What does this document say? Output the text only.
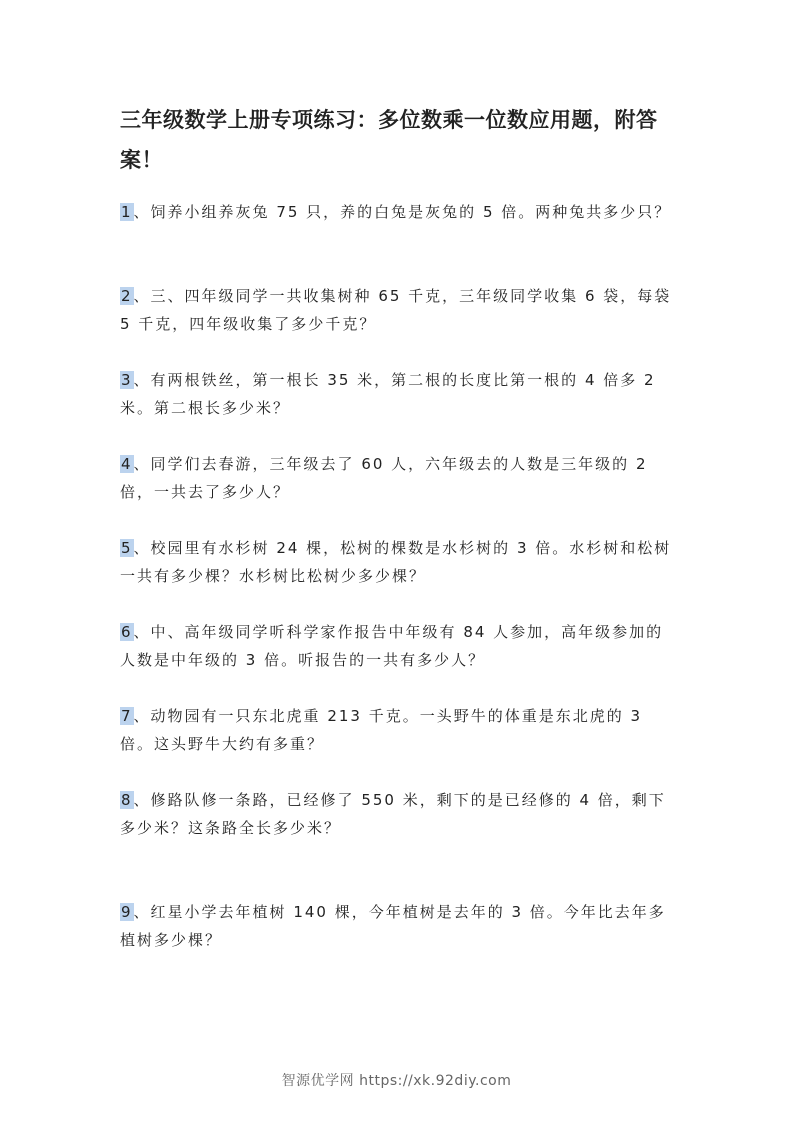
三年级数学上册专项练习：多位数乘一位数应用题，附答案！

1、饲养小组养灰兔 75 只，养的白兔是灰兔的 5 倍。两种兔共多少只？

2、三、四年级同学一共收集树种 65 千克，三年级同学收集 6 袋，每袋 5 千克，四年级收集了多少千克？

3、有两根铁丝，第一根长 35 米，第二根的长度比第一根的 4 倍多 2 米。第二根长多少米？

4、同学们去春游，三年级去了 60 人，六年级去的人数是三年级的 2 倍，一共去了多少人？

5、校园里有水杉树 24 棵，松树的棵数是水杉树的 3 倍。水杉树和松树一共有多少棵？水杉树比松树少多少棵？

6、中、高年级同学听科学家作报告中年级有 84 人参加，高年级参加的人数是中年级的 3 倍。听报告的一共有多少人？

7、动物园有一只东北虎重 213 千克。一头野牛的体重是东北虎的 3 倍。这头野牛大约有多重？

8、修路队修一条路，已经修了 550 米，剩下的是已经修的 4 倍，剩下多少米？这条路全长多少米？

9、红星小学去年植树 140 棵，今年植树是去年的 3 倍。今年比去年多植树多少棵？

智源优学网 https://xk.92diy.com
